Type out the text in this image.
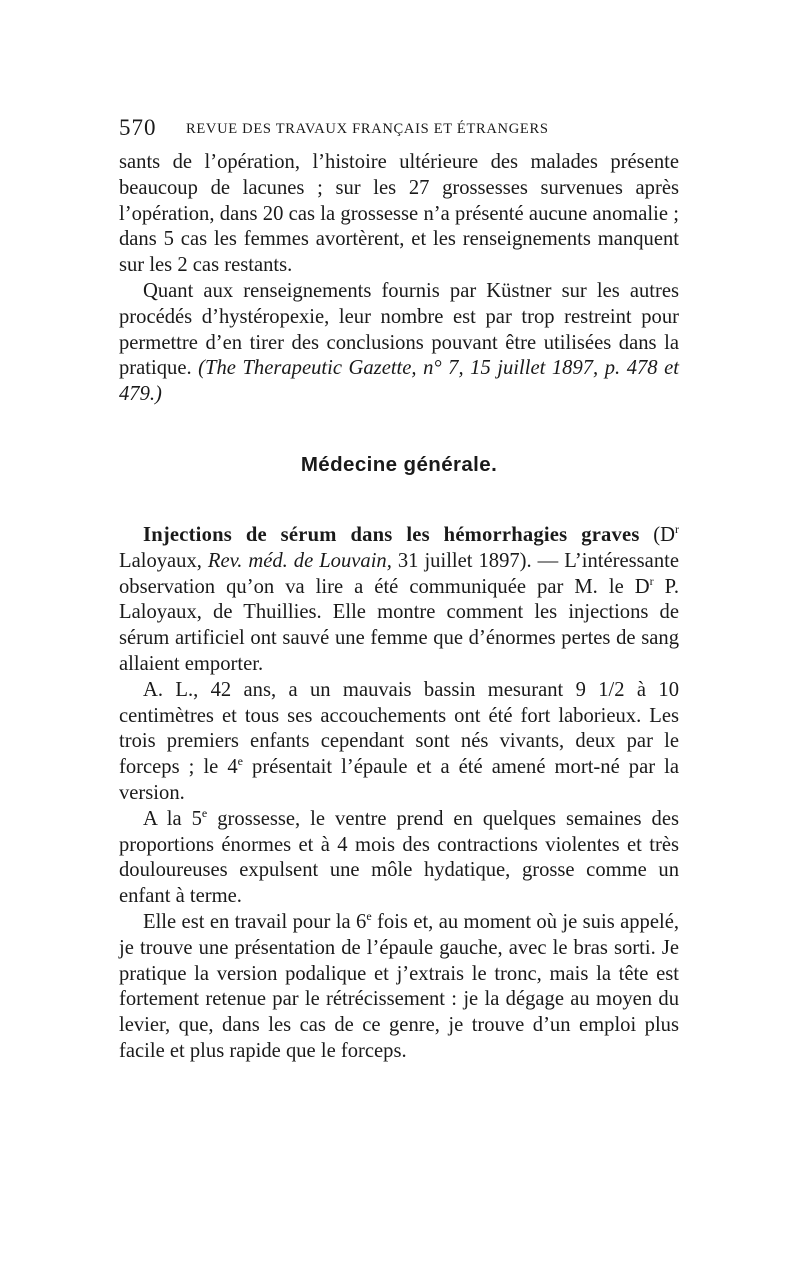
570 REVUE DES TRAVAUX FRANÇAIS ET ÉTRANGERS

sants de l’opération, l’histoire ultérieure des malades présente beaucoup de lacunes ; sur les 27 grossesses survenues après l’opération, dans 20 cas la grossesse n’a présenté aucune anomalie ; dans 5 cas les femmes avortèrent, et les renseignements manquent sur les 2 cas restants.

Quant aux renseignements fournis par Küstner sur les autres procédés d’hystéropexie, leur nombre est par trop restreint pour permettre d’en tirer des conclusions pouvant être utilisées dans la pratique. (The Therapeutic Gazette, n° 7, 15 juillet 1897, p. 478 et 479.)

Médecine générale.

Injections de sérum dans les hémorrhagies graves ($D^r$ Laloyaux, Rev. méd. de Louvain, 31 juillet 1897). — L’intéressante observation qu’on va lire a été communiquée par M. le $D^r$ P. Laloyaux, de Thuillies. Elle montre comment les injections de sérum artificiel ont sauvé une femme que d’énormes pertes de sang allaient emporter.

A. L., 42 ans, a un mauvais bassin mesurant 9 1/2 à 10 centimètres et tous ses accouchements ont été fort laborieux. Les trois premiers enfants cependant sont nés vivants, deux par le forceps ; le 4e présentait l’épaule et a été amené mort-né par la version.

A la 5e grossesse, le ventre prend en quelques semaines des proportions énormes et à 4 mois des contractions violentes et très douloureuses expulsent une môle hydatique, grosse comme un enfant à terme.

Elle est en travail pour la 6e fois et, au moment où je suis appelé, je trouve une présentation de l’épaule gauche, avec le bras sorti. Je pratique la version podalique et j’extrais le tronc, mais la tête est fortement retenue par le rétrécissement : je la dégage au moyen du levier, que, dans les cas de ce genre, je trouve d’un emploi plus facile et plus rapide que le forceps.
